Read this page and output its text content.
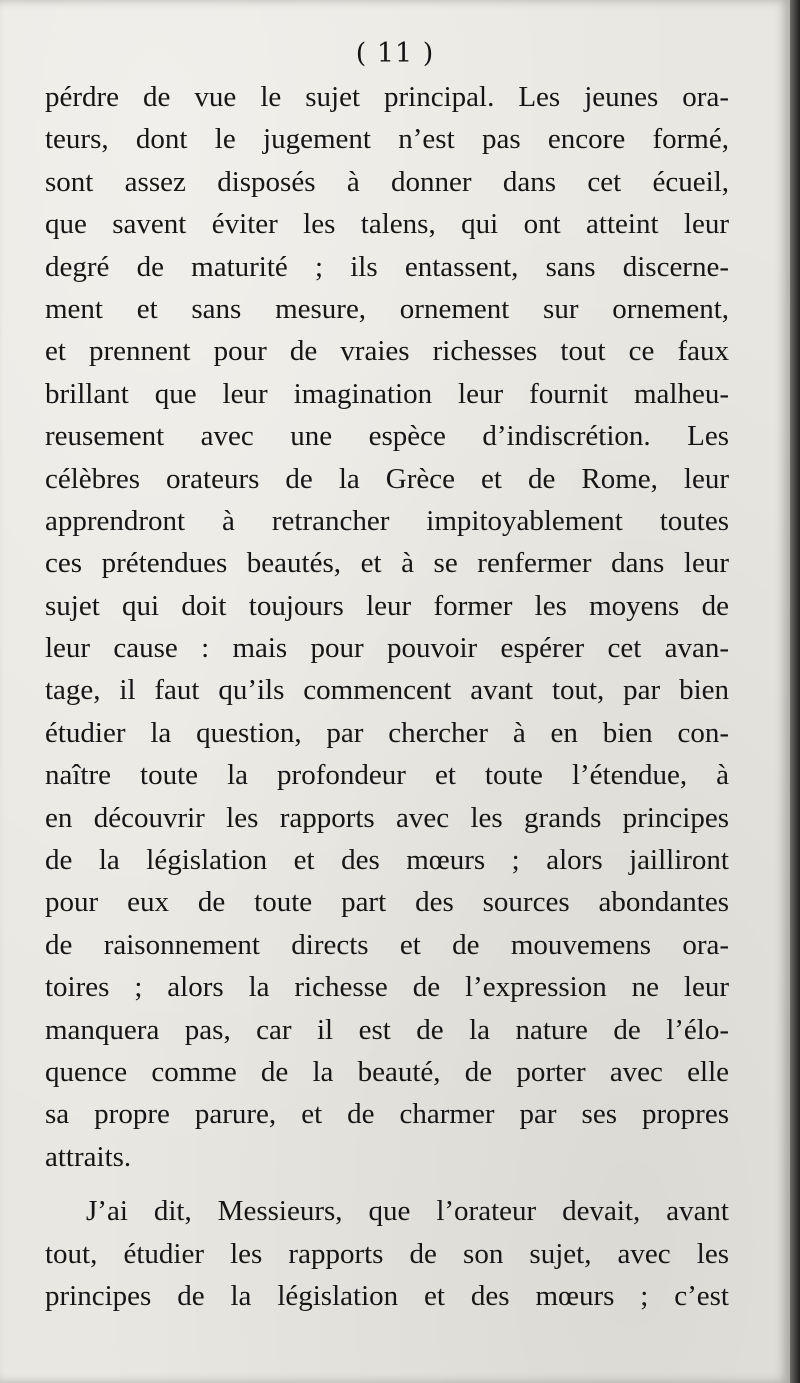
( 11 )
pérdre de vue le sujet principal. Les jeunes ora-
teurs, dont le jugement n’est pas encore formé,
sont assez disposés à donner dans cet écueil,
que savent éviter les talens, qui ont atteint leur
degré de maturité ; ils entassent, sans discerne-
ment et sans mesure, ornement sur ornement,
et prennent pour de vraies richesses tout ce faux
brillant que leur imagination leur fournit malheu-
reusement avec une espèce d’indiscrétion. Les
célèbres orateurs de la Grèce et de Rome, leur
apprendront à retrancher impitoyablement toutes
ces prétendues beautés, et à se renfermer dans leur
sujet qui doit toujours leur former les moyens de
leur cause : mais pour pouvoir espérer cet avan-
tage, il faut qu’ils commencent avant tout, par bien
étudier la question, par chercher à en bien con-
naître toute la profondeur et toute l’étendue, à
en découvrir les rapports avec les grands principes
de la législation et des mœurs ; alors jailliront
pour eux de toute part des sources abondantes
de raisonnement directs et de mouvemens ora-
toires ; alors la richesse de l’expression ne leur
manquera pas, car il est de la nature de l’élo-
quence comme de la beauté, de porter avec elle
sa propre parure, et de charmer par ses propres
attraits.
J’ai dit, Messieurs, que l’orateur devait, avant
tout, étudier les rapports de son sujet, avec les
principes de la législation et des mœurs ; c’est
